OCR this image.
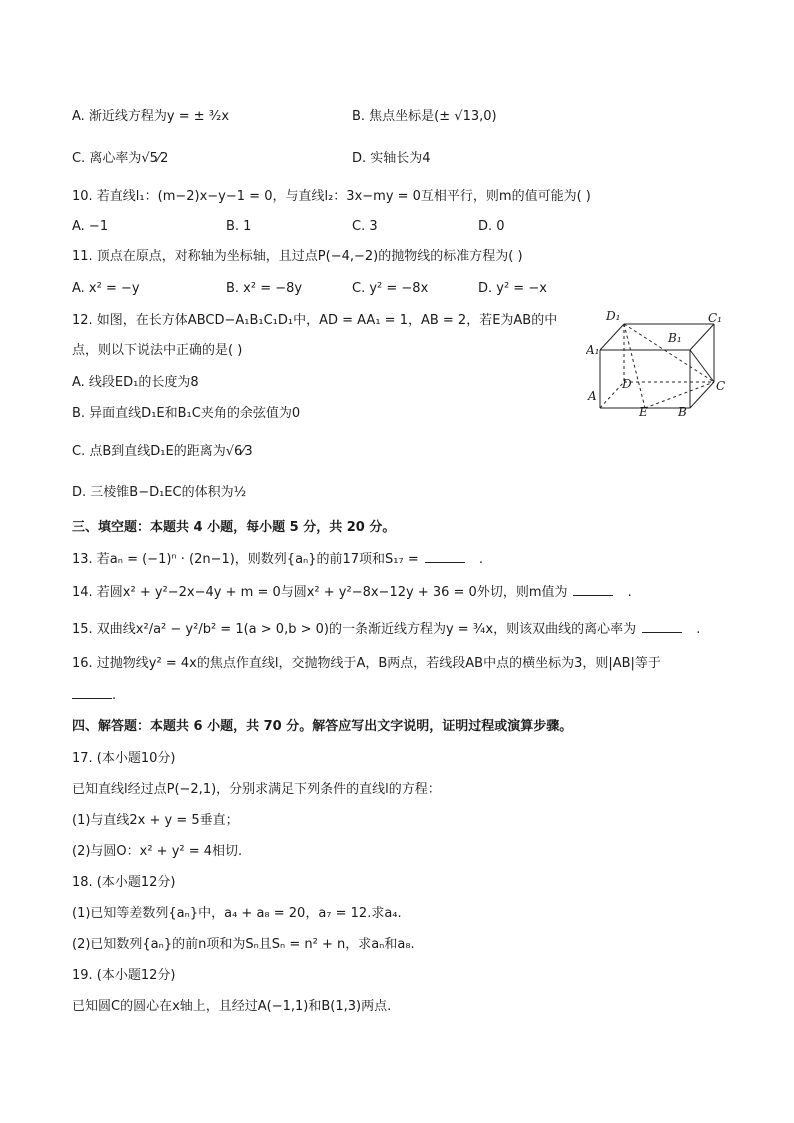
A. 渐近线方程为y = ± ³⁄₂x	B. 焦点坐标是(± √13,0)
C. 离心率为√5⁄2	D. 实轴长为4
10. 若直线l₁：(m−2)x−y−1 = 0，与直线l₂：3x−my = 0互相平行，则m的值可能为( )
A. −1	B. 1	C. 3	D. 0
11. 顶点在原点，对称轴为坐标轴，且过点P(−4,−2)的抛物线的标准方程为( )
A. x² = −y	B. x² = −8y	C. y² = −8x	D. y² = −x
12. 如图，在长方体ABCD−A₁B₁C₁D₁中，AD = AA₁ = 1，AB = 2，若E为AB的中
点，则以下说法中正确的是( )
A. 线段ED₁的长度为8
B. 异面直线D₁E和B₁C夹角的余弦值为0
C. 点B到直线D₁E的距离为√6⁄3
D. 三棱锥B−D₁EC的体积为½
D₁	C₁
B₁
A₁
D	C
A
E	B
三、填空题：本题共 4 小题，每小题 5 分，共 20 分。
13. 若aₙ = (−1)ⁿ · (2n−1)，则数列{aₙ}的前17项和S₁₇ =	.
14. 若圆x² + y²−2x−4y + m = 0与圆x² + y²−8x−12y + 36 = 0外切，则m值为	.
15. 双曲线x²/a² − y²/b² = 1(a > 0,b > 0)的一条渐近线方程为y = ¾x，则该双曲线的离心率为	.
16. 过抛物线y² = 4x的焦点作直线l，交抛物线于A，B两点，若线段AB中点的横坐标为3，则|AB|等于
.
四、解答题：本题共 6 小题，共 70 分。解答应写出文字说明，证明过程或演算步骤。
17. (本小题10分)
已知直线l经过点P(−2,1)，分别求满足下列条件的直线l的方程：
(1)与直线2x + y = 5垂直；
(2)与圆O：x² + y² = 4相切.
18. (本小题12分)
(1)已知等差数列{aₙ}中，a₄ + a₈ = 20，a₇ = 12.求a₄.
(2)已知数列{aₙ}的前n项和为Sₙ且Sₙ = n² + n，求aₙ和a₈.
19. (本小题12分)
已知圆C的圆心在x轴上，且经过A(−1,1)和B(1,3)两点.
